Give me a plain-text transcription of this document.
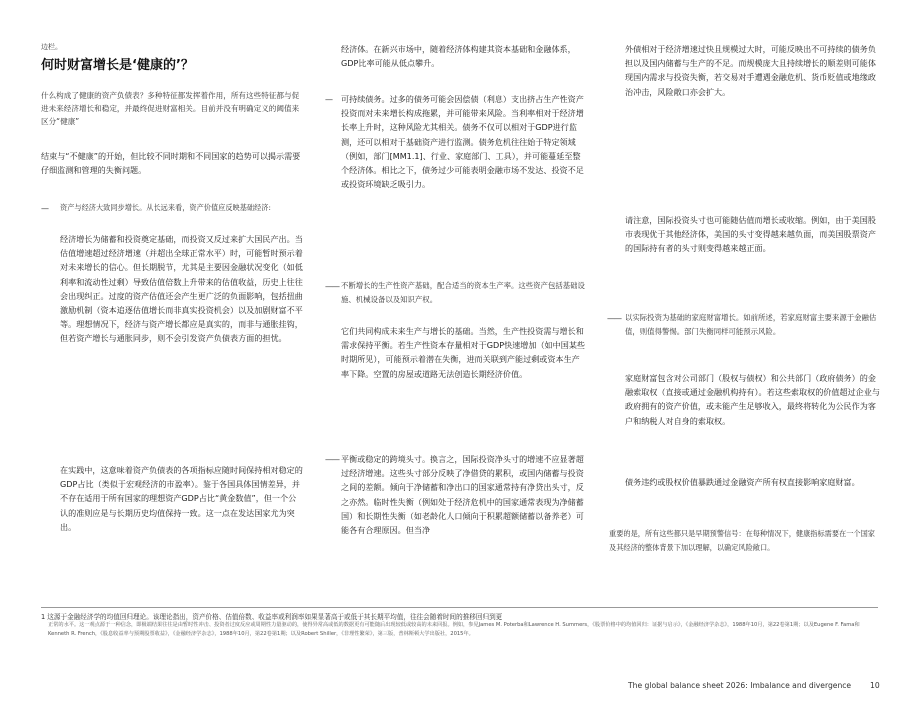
边栏。
何时财富增长是‘健康的’？

什么构成了健康的资产负债表？多种特征都发挥着作用，所有这些特征都与促进未来经济增长和稳定，并最终促进财富相关。目前并没有明确定义的阈值来区分“健康”

结束与“不健康”的开始，但比较不同时期和不同国家的趋势可以揭示需要仔细监测和管理的失衡问题。

— 资产与经济大致同步增长。从长远来看，资产价值应反映基础经济:

经济增长为储蓄和投资奠定基础，而投资又反过来扩大国民产出。当估值增速超过经济增速（并超出全球正常水平）时，可能暂时预示着对未来增长的信心。但长期脱节，尤其是主要因金融状况变化（如低利率和流动性过剩）导致估值倍数上升带来的估值收益，历史上往往会出现纠正。过度的资产估值还会产生更广泛的负面影响，包括扭曲激励机制（资本追逐估值增长而非真实投资机会）以及加剧财富不平等。理想情况下，经济与资产增长都应是真实的，而非与通胀挂钩，但若资产增长与通胀同步，则不会引发资产负债表方面的担忧。

在实践中，这意味着资产负债表的各项指标应随时间保持相对稳定的GDP占比（类似于宏观经济的市盈率）。鉴于各国具体国情差异，并不存在适用于所有国家的理想资产GDP占比“黄金数值”，但一个公认的准则应是与长期历史均值保持一致。这一点在发达国家尤为突出。

经济体。在新兴市场中，随着经济体构建其资本基础和金融体系，GDP比率可能从低点攀升。

— 可持续债务。过多的债务可能会因偿债（利息）支出挤占生产性资产投资而对未来增长构成拖累，并可能带来风险。当利率相对于经济增长率上升时，这种风险尤其相关。债务不仅可以相对于GDP进行监测，还可以相对于基础资产进行监测。债务危机往往始于特定领域（例如，部门[MM1.1]、行业、家庭部门、工具），并可能蔓延至整个经济体。相比之下，债务过少可能表明金融市场不发达、投资不足或投资环境缺乏吸引力。

—— 不断增长的生产性资产基础，配合适当的资本生产率。这些资产包括基础设施、机械设备以及知识产权。

它们共同构成未来生产与增长的基础。当然，生产性投资需与增长和需求保持平衡。若生产性资本存量相对于GDP快速增加（如中国某些时期所见），可能预示着潜在失衡，进而关联到产能过剩或资本生产率下降。空置的房屋或道路无法创造长期经济价值。

—— 平衡或稳定的跨境头寸。换言之，国际投资净头寸的增速不应显著超过经济增速。这些头寸部分反映了净借贷的累积，或国内储蓄与投资之间的差额。倾向于净储蓄和净出口的国家通常持有净贷出头寸，反之亦然。临时性失衡（例如处于经济危机中的国家通常表现为净储蓄国）和长期性失衡（如老龄化人口倾向于积累超额储蓄以备养老）可能各有合理原因。但当净

外债相对于经济增速过快且规模过大时，可能反映出不可持续的债务负担以及国内储蓄与生产的不足。而规模庞大且持续增长的顺差则可能体现国内需求与投资失衡，若交易对手遭遇金融危机、货币贬值或地缘政治冲击，风险敞口亦会扩大。

请注意，国际投资头寸也可能随估值而增长或收缩。例如，由于美国股市表现优于其他经济体，美国的头寸变得越来越负面，而美国股票资产的国际持有者的头寸则变得越来越正面。

—— 以实际投资为基础的家庭财富增长。如前所述，若家庭财富主要来源于金融估值，则值得警惕。部门失衡同样可能预示风险。

家庭财富包含对公司部门（股权与债权）和公共部门（政府债务）的金融索取权（直接或通过金融机构持有）。若这些索取权的价值超过企业与政府拥有的资产价值，或未能产生足够收入，最终将转化为公民作为客户和纳税人对自身的索取权。

债务违约或股权价值暴跌通过金融资产所有权直接影响家庭财富。

重要的是，所有这些都只是早期预警信号：在每种情况下，健康指标需要在一个国家及其经济的整体背景下加以理解，以确定风险敞口。

1 这源于金融经济学的均值回归理论。该理论指出，资产价格、估值倍数、收益率或利润率如果显著高于或低于其长期平均值，往往会随着时间的推移回归到更

正常的水平。这一观点源于一种信念，即极端结果往往是由暂时性冲击、投资者过度反应或周期性力量驱动的，使得异常高或低的数据更有可能随后出现较低或较高的未来回报。例如，参见James M. Poterba和Lawrence H. Summers，《股票价格中的均值回归：证据与启示》，《金融经济学杂志》，1988年10月，第22卷第1期；以及Eugene F. Fama和Kenneth R. French，《股息收益率与预期股票收益》，《金融经济学杂志》，1988年10月，第22卷第1期；以及Robert Shiller，《非理性繁荣》，第三版，普林斯顿大学出版社，2015年。

The global balance sheet 2026: Imbalance and divergence 10
